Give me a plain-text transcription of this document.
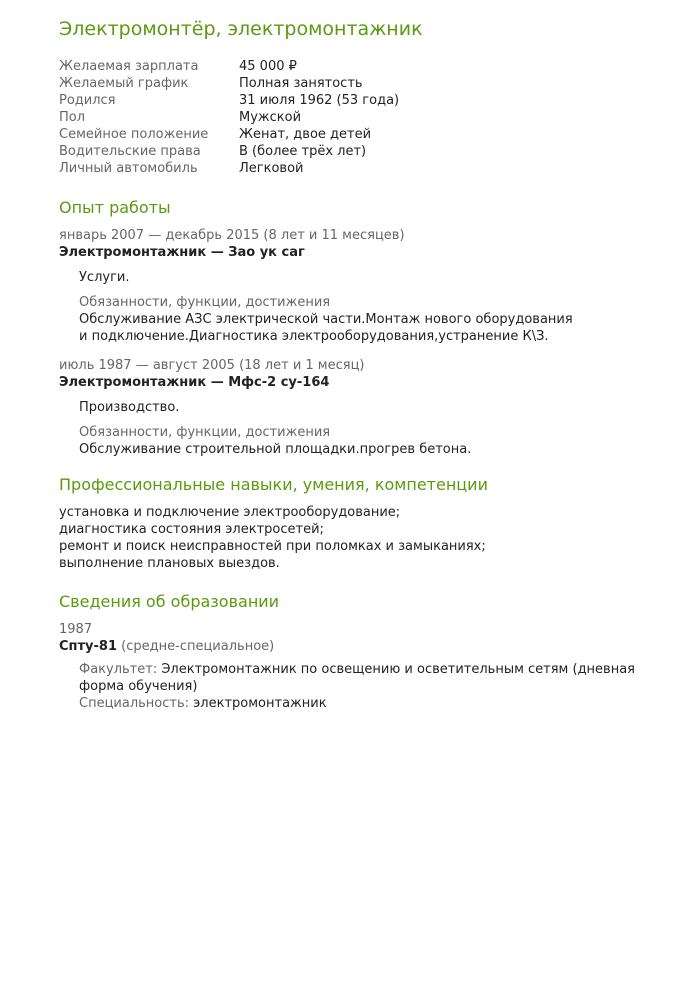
Электромонтёр, электромонтажник
Желаемая зарплата	45 000 ₽
Желаемый график	Полная занятость
Родился	31 июля 1962 (53 года)
Пол	Мужской
Семейное положение	Женат, двое детей
Водительские права	В (более трёх лет)
Личный автомобиль	Легковой
Опыт работы
январь 2007 — декабрь 2015 (8 лет и 11 месяцев)
Электромонтажник — Зао ук саг
Услуги.
Обязанности, функции, достижения
Обслуживание АЗС электрической части.Монтаж нового оборудования и подключение.Диагностика электрооборудования,устранение К\З.
июль 1987 — август 2005 (18 лет и 1 месяц)
Электромонтажник — Мфс-2 су-164
Производство.
Обязанности, функции, достижения
Обслуживание строительной площадки.прогрев бетона.
Профессиональные навыки, умения, компетенции
установка и подключение электрооборудование;
диагностика состояния электросетей;
ремонт и поиск неисправностей при поломках и замыканиях;
выполнение плановых выездов.
Сведения об образовании
1987
Спту-81 (средне-специальное)
Факультет: Электромонтажник по освещению и осветительным сетям (дневная форма обучения)
Специальность: электромонтажник
